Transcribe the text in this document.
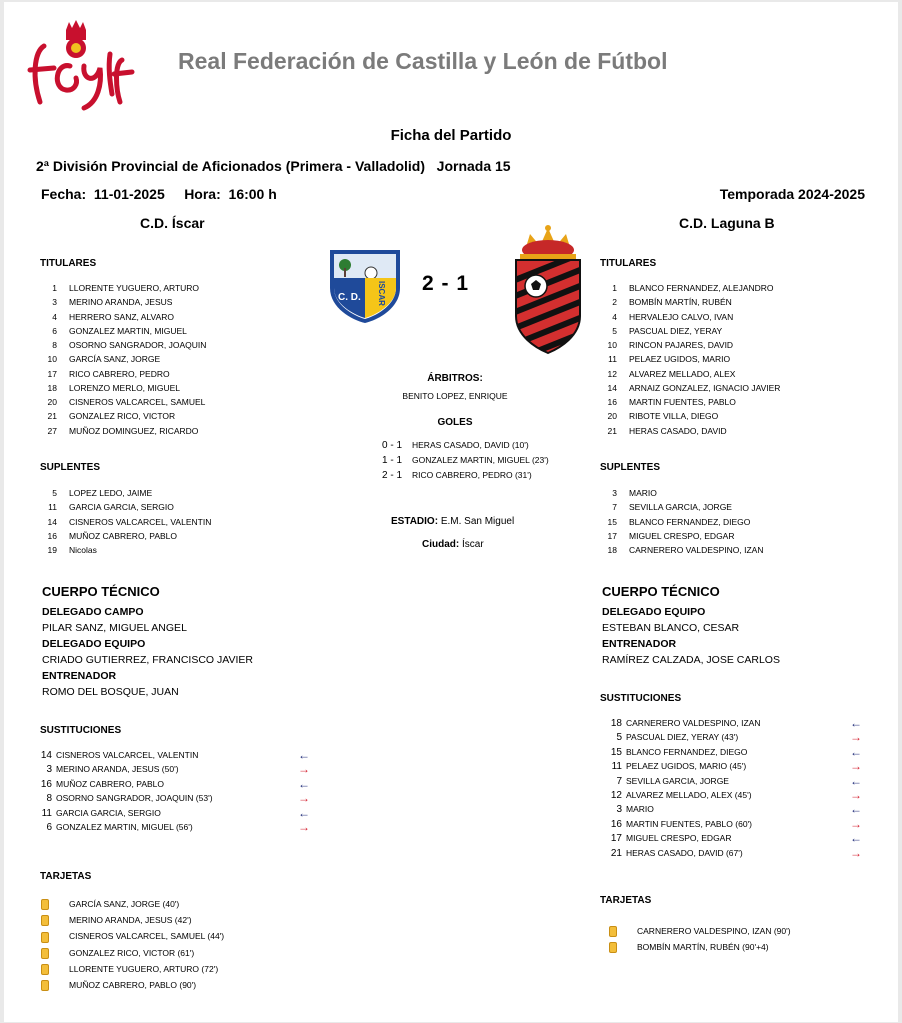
Real Federación de Castilla y León de Fútbol
Ficha del Partido
2ª División Provincial de Aficionados (Primera - Valladolid)   Jornada 15
Fecha:  11-01-2025     Hora:  16:00 h	Temporada 2024-2025
C.D. Íscar	C.D. Laguna B
C. D. ISCAR 2 - 1
TITULARES
1 LLORENTE YUGUERO, ARTURO
3 MERINO ARANDA, JESUS
4 HERRERO SANZ, ALVARO
6 GONZALEZ MARTIN, MIGUEL
8 OSORNO SANGRADOR, JOAQUIN
10 GARCÍA SANZ, JORGE
17 RICO CABRERO, PEDRO
18 LORENZO MERLO, MIGUEL
20 CISNEROS VALCARCEL, SAMUEL
21 GONZALEZ RICO, VICTOR
27 MUÑOZ DOMINGUEZ, RICARDO
SUPLENTES
5 LOPEZ LEDO, JAIME
11 GARCIA GARCIA, SERGIO
14 CISNEROS VALCARCEL, VALENTIN
16 MUÑOZ CABRERO, PABLO
19 Nicolas
CUERPO TÉCNICO
DELEGADO CAMPO
PILAR SANZ, MIGUEL ANGEL
DELEGADO EQUIPO
CRIADO GUTIERREZ, FRANCISCO JAVIER
ENTRENADOR
ROMO DEL BOSQUE, JUAN
SUSTITUCIONES
14 CISNEROS VALCARCEL, VALENTIN	←
3 MERINO ARANDA, JESUS (50')	→
16 MUÑOZ CABRERO, PABLO	←
8 OSORNO SANGRADOR, JOAQUIN (53')	→
11 GARCIA GARCIA, SERGIO	←
6 GONZALEZ MARTIN, MIGUEL (56')	→
TARJETAS
GARCÍA SANZ, JORGE (40')
MERINO ARANDA, JESUS (42')
CISNEROS VALCARCEL, SAMUEL (44')
GONZALEZ RICO, VICTOR (61')
LLORENTE YUGUERO, ARTURO (72')
MUÑOZ CABRERO, PABLO (90')
ÁRBITROS:
BENITO LOPEZ, ENRIQUE
GOLES
0 - 1 HERAS CASADO, DAVID (10')
1 - 1 GONZALEZ MARTIN, MIGUEL (23')
2 - 1 RICO CABRERO, PEDRO (31')
ESTADIO: E.M. San Miguel
Ciudad: Íscar
TITULARES
1 BLANCO FERNANDEZ, ALEJANDRO
2 BOMBÍN MARTÍN, RUBÉN
4 HERVALEJO CALVO, IVAN
5 PASCUAL DIEZ, YERAY
10 RINCON PAJARES, DAVID
11 PELAEZ UGIDOS, MARIO
12 ALVAREZ MELLADO, ALEX
14 ARNAIZ GONZALEZ, IGNACIO JAVIER
16 MARTIN FUENTES, PABLO
20 RIBOTE VILLA, DIEGO
21 HERAS CASADO, DAVID
SUPLENTES
3 MARIO
7 SEVILLA GARCIA, JORGE
15 BLANCO FERNANDEZ, DIEGO
17 MIGUEL CRESPO, EDGAR
18 CARNERERO VALDESPINO, IZAN
CUERPO TÉCNICO
DELEGADO EQUIPO
ESTEBAN BLANCO, CESAR
ENTRENADOR
RAMÍREZ CALZADA, JOSE CARLOS
SUSTITUCIONES
18 CARNERERO VALDESPINO, IZAN	←
5 PASCUAL DIEZ, YERAY (43')	→
15 BLANCO FERNANDEZ, DIEGO	←
11 PELAEZ UGIDOS, MARIO (45')	→
7 SEVILLA GARCIA, JORGE	←
12 ALVAREZ MELLADO, ALEX (45')	→
3 MARIO	←
16 MARTIN FUENTES, PABLO (60')	→
17 MIGUEL CRESPO, EDGAR	←
21 HERAS CASADO, DAVID (67')	→
TARJETAS
CARNERERO VALDESPINO, IZAN (90')
BOMBÍN MARTÍN, RUBÉN (90'+4)
